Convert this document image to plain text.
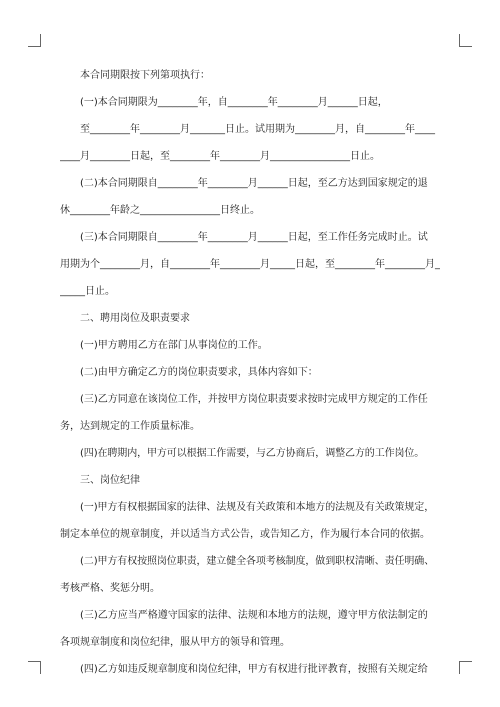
本合同期限按下列第项执行：
(一)本合同期限为________年，自________年________月______日起，
至________年________月_______日止。试用期为________月，自________年____
____月________日起，至________年________月________________日止。
(二)本合同期限自________年________月______日起，至乙方达到国家规定的退
休________年龄之________________日终止。
(三)本合同期限自________年________月______日起，至工作任务完成时止。试
用期为个________月，自________年________月_____日起，至________年________月_
_____日止。
二、聘用岗位及职责要求
(一)甲方聘用乙方在部门从事岗位的工作。
(二)由甲方确定乙方的岗位职责要求，具体内容如下：
(三)乙方同意在该岗位工作，并按甲方岗位职责要求按时完成甲方规定的工作任
务，达到规定的工作质量标准。
(四)在聘期内，甲方可以根据工作需要，与乙方协商后，调整乙方的工作岗位。
三、岗位纪律
(一)甲方有权根据国家的法律、法规及有关政策和本地方的法规及有关政策规定，
制定本单位的规章制度，并以适当方式公告，或告知乙方，作为履行本合同的依据。
(二)甲方有权按照岗位职责，建立健全各项考核制度，做到职权清晰、责任明确、
考核严格、奖惩分明。
(三)乙方应当严格遵守国家的法律、法规和本地方的法规，遵守甲方依法制定的
各项规章制度和岗位纪律，服从甲方的领导和管理。
(四)乙方如违反规章制度和岗位纪律，甲方有权进行批评教育，按照有关规定给
